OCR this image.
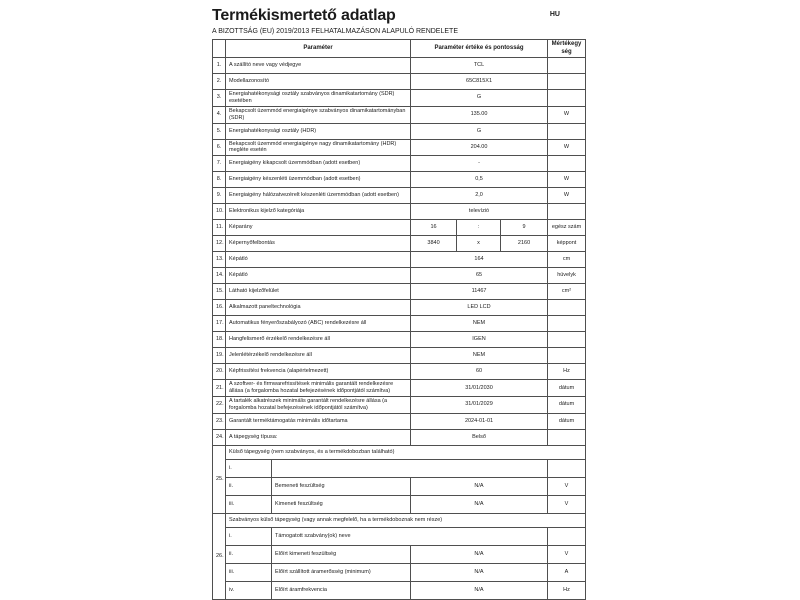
Termékismertető adatlap	HU
A BIZOTTSÁG (EU) 2019/2013 FELHATALMAZÁSON ALAPULÓ RENDELETE
	Paraméter		Paraméter értéke és pontosság			Mértékegység
1.	A szállító neve vagy védjegye		TCL			
2.	Modellazonosító		65C815X1			
3.	Energiahatékonysági osztály szabványos dinamikatartomány (SDR) esetében		G			
4.	Bekapcsolt üzemmód energiaigénye szabványos dinamikatartományban (SDR)		135.00			W
5.	Energiahatékonysági osztály (HDR)		G			
6.	Bekapcsolt üzemmód energiaigénye nagy dinamikatartomány (HDR) megléte esetén		204.00			W
7.	Energiaigény kikapcsolt üzemmódban (adott esetben)		-			
8.	Energiaigény készenléti üzemmódban (adott esetben)		0,5			W
9.	Energiaigény hálózatvezérelt készenléti üzemmódban (adott esetben)		2,0			W
10.	Elektronikus kijelző kategóriája		televízió			
11.	Képarány		16	:	9	egész szám
12.	Képernyőfelbontás		3840	x	2160	képpont
13.	Képátló		164			cm
14.	Képátló		65			hüvelyk
15.	Látható kijelzőfelület		11467			cm²
16.	Alkalmazott paneltechnológia		LED LCD			
17.	Automatikus fényerőszabályozó (ABC) rendelkezésre áll		NEM			
18.	Hangfelismerő érzékelő rendelkezésre áll		IGEN			
19.	Jelenlétérzékelő rendelkezésre áll		NEM			
20.	Képfrissítési frekvencia (alapértelmezett)		60			Hz
21.	A szoftver- és firmwarefrissítések minimális garantált rendelkezésre állása (a forgalomba hozatal befejezésének időpontjától számítva)		31/01/2030			dátum
22.	A tartalék alkatrészek minimális garantált rendelkezésre állása (a forgalomba hozatal befejezésének időpontjától számítva)		31/01/2029			dátum
23.	Garantált terméktámogatás minimális időtartama		2024-01-01			dátum
24.	A tápegység típusa:		Belső			
25.	Külső tápegység (nem szabványos, és a termékdobozban található)					
	i.					
	ii.	Bemeneti feszültség	N/A			V
	iii.	Kimeneti feszültség	N/A			V
26.	Szabványos külső tápegység (vagy annak megfelelő, ha a termékdoboznak nem része)					
	i.	Támogatott szabvány(ok) neve				
	ii.	Előírt kimeneti feszültség	N/A			V
	iii.	Előírt szállított áramerősség (minimum)	N/A			A
	iv.	Előírt áramfrekvencia	N/A			Hz
